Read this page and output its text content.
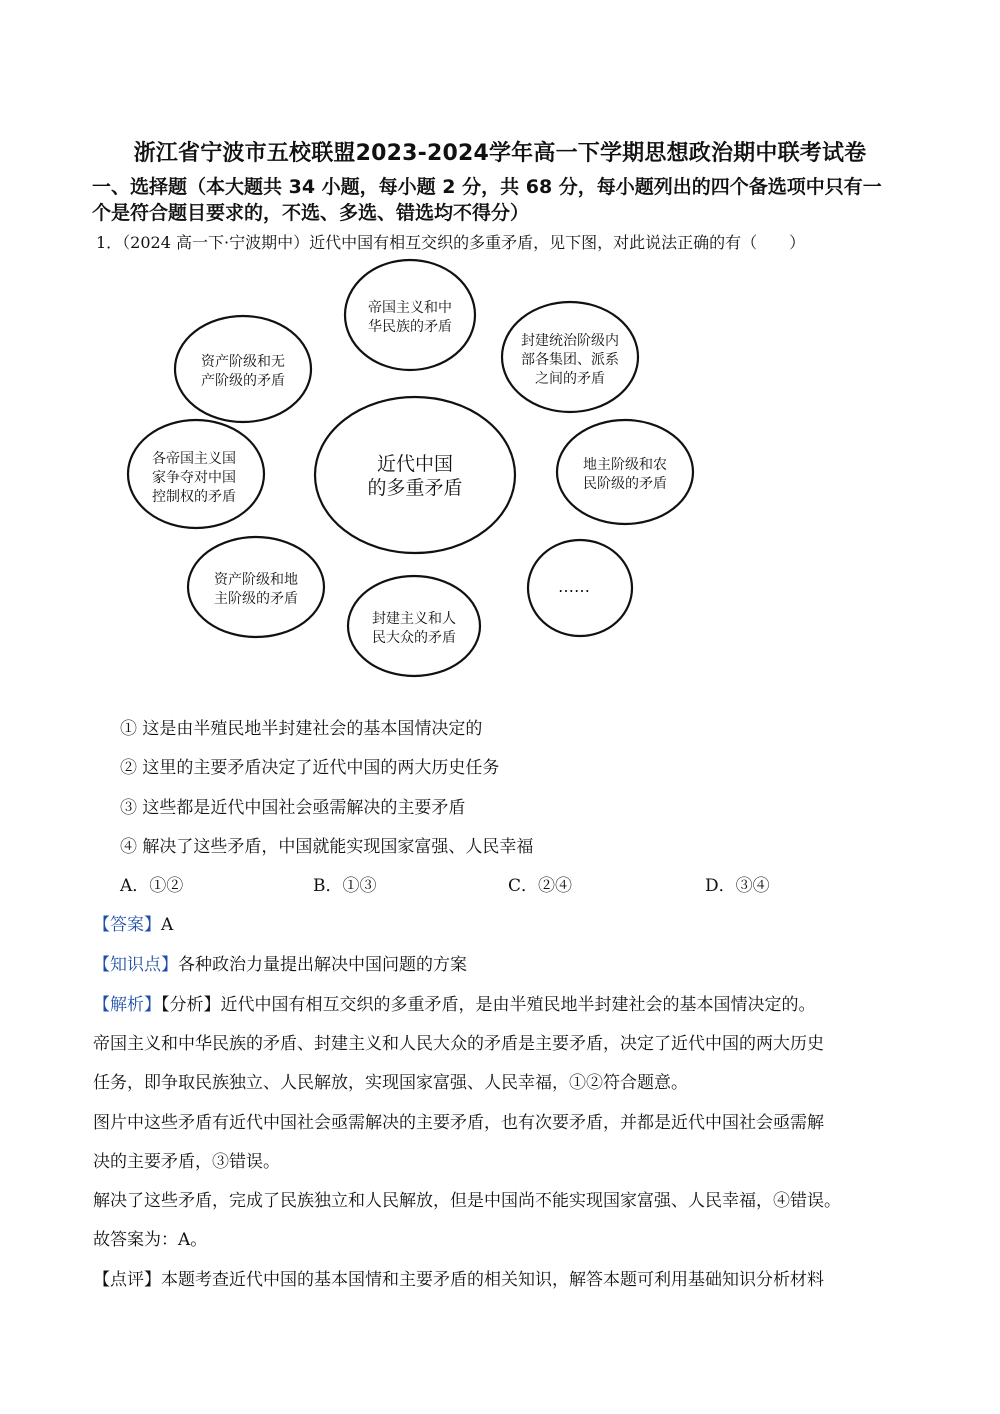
浙江省宁波市五校联盟2023-2024学年高一下学期思想政治期中联考试卷

一、选择题（本大题共 34 小题，每小题 2 分，共 68 分，每小题列出的四个备选项中只有一

个是符合题目要求的，不选、多选、错选均不得分）

1．（2024 高一下·宁波期中）近代中国有相互交织的多重矛盾，见下图，对此说法正确的有（　　）

近代中国
的多重矛盾
帝国主义和中
华民族的矛盾
封建统治阶级内
部各集团、派系
之间的矛盾
地主阶级和农
民阶级的矛盾
……
封建主义和人
民大众的矛盾
资产阶级和地
主阶级的矛盾
各帝国主义国
家争夺对中国
控制权的矛盾
资产阶级和无
产阶级的矛盾

① 这是由半殖民地半封建社会的基本国情决定的

② 这里的主要矛盾决定了近代中国的两大历史任务

③ 这些都是近代中国社会亟需解决的主要矛盾

④ 解决了这些矛盾，中国就能实现国家富强、人民幸福

A．①②	B．①③	C．②④	D．③④

【答案】A

【知识点】各种政治力量提出解决中国问题的方案

【解析】【分析】近代中国有相互交织的多重矛盾，是由半殖民地半封建社会的基本国情决定的。

帝国主义和中华民族的矛盾、封建主义和人民大众的矛盾是主要矛盾，决定了近代中国的两大历史

任务，即争取民族独立、人民解放，实现国家富强、人民幸福，①②符合题意。

图片中这些矛盾有近代中国社会亟需解决的主要矛盾，也有次要矛盾，并都是近代中国社会亟需解

决的主要矛盾，③错误。

解决了这些矛盾，完成了民族独立和人民解放，但是中国尚不能实现国家富强、人民幸福，④错误。

故答案为：A。

【点评】本题考查近代中国的基本国情和主要矛盾的相关知识，解答本题可利用基础知识分析材料
